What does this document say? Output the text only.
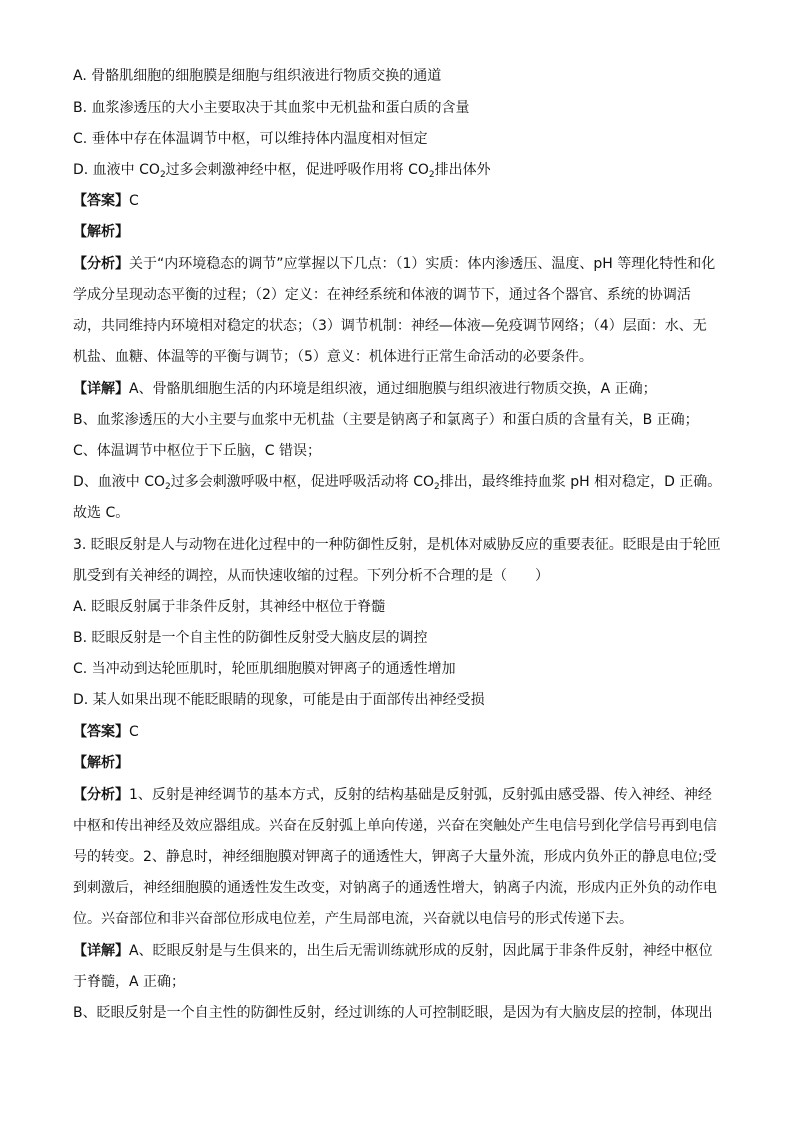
A. 骨骼肌细胞的细胞膜是细胞与组织液进行物质交换的通道
B. 血浆渗透压的大小主要取决于其血浆中无机盐和蛋白质的含量
C. 垂体中存在体温调节中枢，可以维持体内温度相对恒定
D. 血液中 $CO_2$过多会刺激神经中枢，促进呼吸作用将 $CO_2$排出体外
【答案】C
【解析】
【分析】关于“内环境稳态的调节”应掌握以下几点：（1）实质：体内渗透压、温度、pH 等理化特性和化
学成分呈现动态平衡的过程；（2）定义：在神经系统和体液的调节下，通过各个器官、系统的协调活
动，共同维持内环境相对稳定的状态；（3）调节机制：神经—体液—免疫调节网络；（4）层面：水、无
机盐、血糖、体温等的平衡与调节；（5）意义：机体进行正常生命活动的必要条件。
【详解】A、骨骼肌细胞生活的内环境是组织液，通过细胞膜与组织液进行物质交换，A 正确；
B、血浆渗透压的大小主要与血浆中无机盐（主要是钠离子和氯离子）和蛋白质的含量有关，B 正确；
C、体温调节中枢位于下丘脑，C 错误；
D、血液中 $CO_2$过多会刺激呼吸中枢，促进呼吸活动将 $CO_2$排出，最终维持血浆 pH 相对稳定，D 正确。
故选 C。
3. 眨眼反射是人与动物在进化过程中的一种防御性反射，是机体对威胁反应的重要表征。眨眼是由于轮匝
肌受到有关神经的调控，从而快速收缩的过程。下列分析不合理的是（　　）
A. 眨眼反射属于非条件反射，其神经中枢位于脊髓
B. 眨眼反射是一个自主性的防御性反射受大脑皮层的调控
C. 当冲动到达轮匝肌时，轮匝肌细胞膜对钾离子的通透性增加
D. 某人如果出现不能眨眼睛的现象，可能是由于面部传出神经受损
【答案】C
【解析】
【分析】1、反射是神经调节的基本方式，反射的结构基础是反射弧，反射弧由感受器、传入神经、神经
中枢和传出神经及效应器组成。兴奋在反射弧上单向传递，兴奋在突触处产生电信号到化学信号再到电信
号的转变。2、静息时，神经细胞膜对钾离子的通透性大，钾离子大量外流，形成内负外正的静息电位;受
到刺激后，神经细胞膜的通透性发生改变，对钠离子的通透性增大，钠离子内流，形成内正外负的动作电
位。兴奋部位和非兴奋部位形成电位差，产生局部电流，兴奋就以电信号的形式传递下去。
【详解】A、眨眼反射是与生俱来的，出生后无需训练就形成的反射，因此属于非条件反射，神经中枢位
于脊髓，A 正确；
B、眨眼反射是一个自主性的防御性反射，经过训练的人可控制眨眼，是因为有大脑皮层的控制，体现出
